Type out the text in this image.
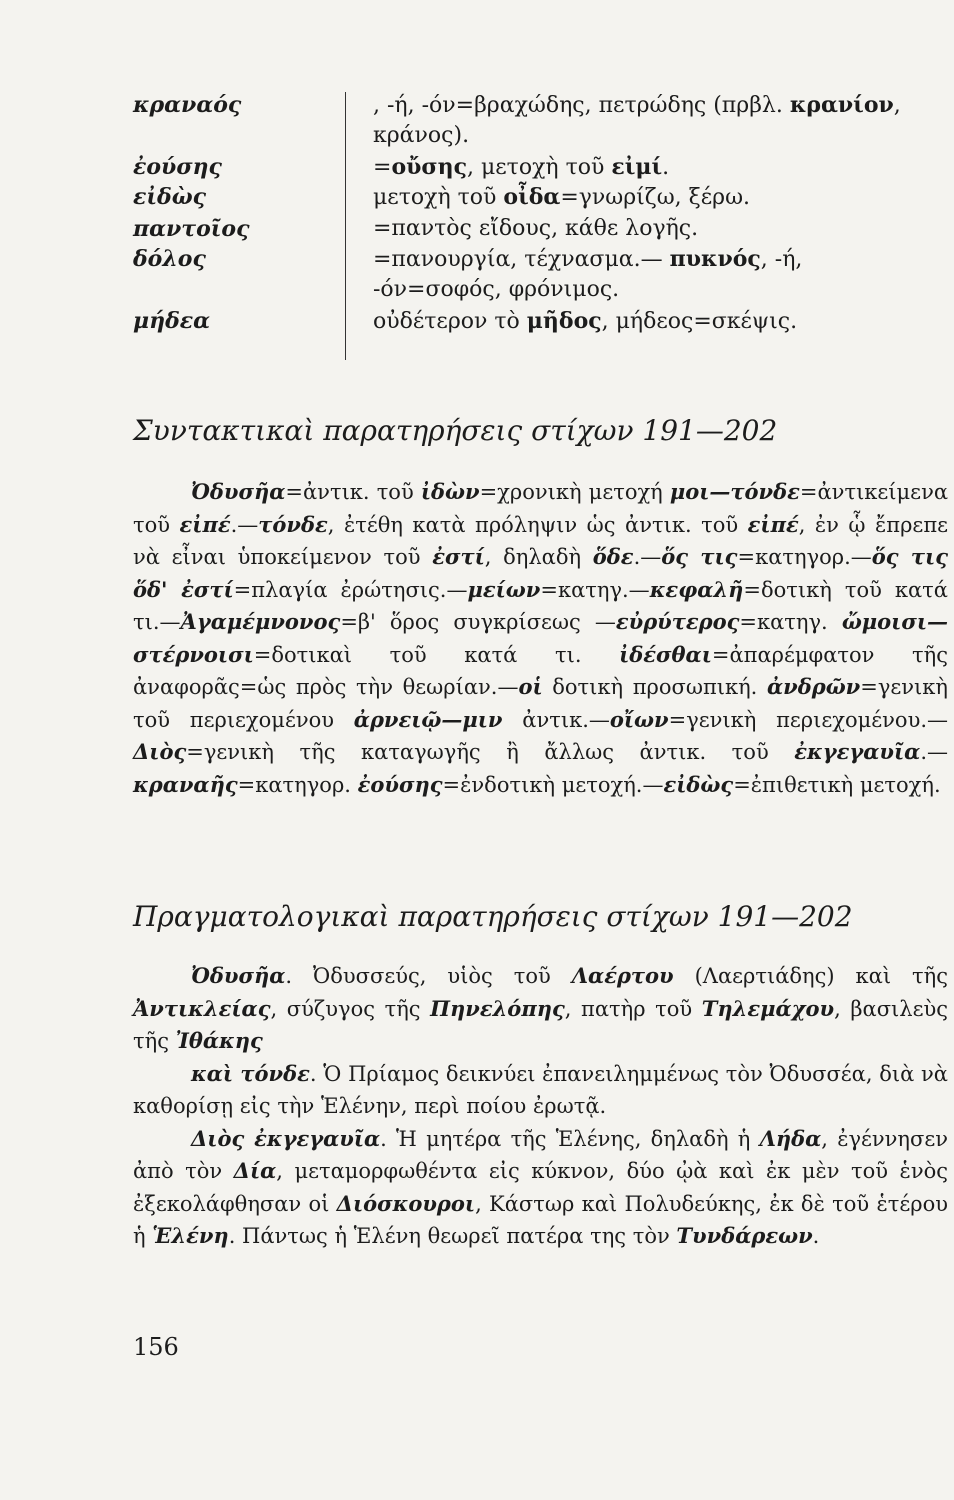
κραναός	, -ή, -όν=βραχώδης, πετρώδης (πρβλ. κρανίον, κράνος).
ἐούσης	=οὔσης, μετοχὴ τοῦ εἰμί.
εἰδὼς	μετοχὴ τοῦ οἶδα=γνωρίζω, ξέρω.
παντοῖος	=παντὸς εἴδους, κάθε λογῆς.
δόλος	=πανουργία, τέχνασμα.— πυκνός, -ή, -όν=σοφός, φρόνιμος.
μήδεα	οὐδέτερον τὸ μῆδος, μήδεος=σκέψις.
Συντακτικαὶ παρατηρήσεις στίχων 191—202

Ὀδυσῆα=ἀντικ. τοῦ ἰδὼν=χρονικὴ μετοχή μοι—τόνδε=ἀντικείμενα τοῦ εἰπέ.—τόνδε, ἐτέθη κατὰ πρόληψιν ὡς ἀντικ. τοῦ εἰπέ, ἐν ᾧ ἔπρεπε νὰ εἶναι ὑποκείμενον τοῦ ἐστί, δηλαδὴ ὅδε.—ὅς τις=κατηγορ.—ὅς τις ὅδ' ἐστί=πλαγία ἐρώτησις.—μείων=κατηγ.—κεφαλῆ=δοτικὴ τοῦ κατά τι.—Ἀγαμέμνονος=β' ὅρος συγκρίσεως —εὐρύτερος=κατηγ. ὤμοισι—στέρνοισι=δοτικαὶ τοῦ κατά τι. ἰδέσθαι=ἀπαρέμφατον τῆς ἀναφορᾶς=ὡς πρὸς τὴν θεωρίαν.—οἱ δοτικὴ προσωπική. ἀνδρῶν=γενικὴ τοῦ περιεχομένου ἀρνειῷ—μιν ἀντικ.—οἴων=γενικὴ περιεχομένου.—Διὸς=γενικὴ τῆς καταγωγῆς ἢ ἄλλως ἀντικ. τοῦ ἐκγεγαυῖα.—κραναῆς=κατηγορ. ἐούσης=ἐνδοτικὴ μετοχή.—εἰδὼς=ἐπιθετικὴ μετοχή.

Πραγματολογικαὶ παρατηρήσεις στίχων 191—202

Ὀδυσῆα. Ὀδυσσεύς, υἱὸς τοῦ Λαέρτου (Λαερτιάδης) καὶ τῆς Ἀντικλείας, σύζυγος τῆς Πηνελόπης, πατὴρ τοῦ Τηλεμάχου, βασιλεὺς τῆς Ἰθάκης

καὶ τόνδε. Ὁ Πρίαμος δεικνύει ἐπανειλημμένως τὸν Ὀδυσσέα, διὰ νὰ καθορίσῃ εἰς τὴν Ἑλένην, περὶ ποίου ἐρωτᾷ.

Διὸς ἐκγεγαυῖα. Ἡ μητέρα τῆς Ἑλένης, δηλαδὴ ἡ Λήδα, ἐγέννησεν ἀπὸ τὸν Δία, μεταμορφωθέντα εἰς κύκνον, δύο ᾠὰ καὶ ἐκ μὲν τοῦ ἑνὸς ἐξεκολάφθησαν οἱ Διόσκουροι, Κάστωρ καὶ Πολυδεύκης, ἐκ δὲ τοῦ ἑτέρου ἡ Ἑλένη. Πάντως ἡ Ἑλένη θεωρεῖ πατέρα της τὸν Τυνδάρεων.

156
